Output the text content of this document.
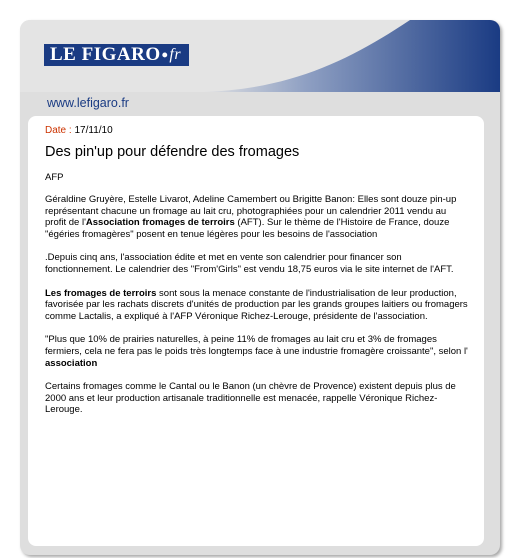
LE FIGARO • fr
www.lefigaro.fr
Date : 17/11/10
Des pin'up pour défendre des fromages
AFP

Géraldine Gruyère, Estelle Livarot, Adeline Camembert ou Brigitte Banon: Elles sont douze pin-up représentant chacune un fromage au lait cru, photographiées pour un calendrier 2011 vendu au profit de l'Association fromages de terroirs (AFT). Sur le thème de l'Histoire de France, douze "égéries fromagères" posent en tenue légères pour les besoins de l'association

.Depuis cinq ans, l'association édite et met en vente son calendrier pour financer son fonctionnement. Le calendrier des "From'Girls" est vendu 18,75 euros via le site internet de l'AFT.

Les fromages de terroirs sont sous la menace constante de l'industrialisation de leur production, favorisée par les rachats discrets d'unités de production par les grands groupes laitiers ou fromagers comme Lactalis, a expliqué à l'AFP Véronique Richez-Lerouge, présidente de l'association.

"Plus que 10% de prairies naturelles, à peine 11% de fromages au lait cru et 3% de fromages fermiers, cela ne fera pas le poids très longtemps face à une industrie fromagère croissante", selon l' association

Certains fromages comme le Cantal ou le Banon (un chèvre de Provence) existent depuis plus de 2000 ans et leur production artisanale traditionnelle est menacée, rappelle Véronique Richez-Lerouge.
